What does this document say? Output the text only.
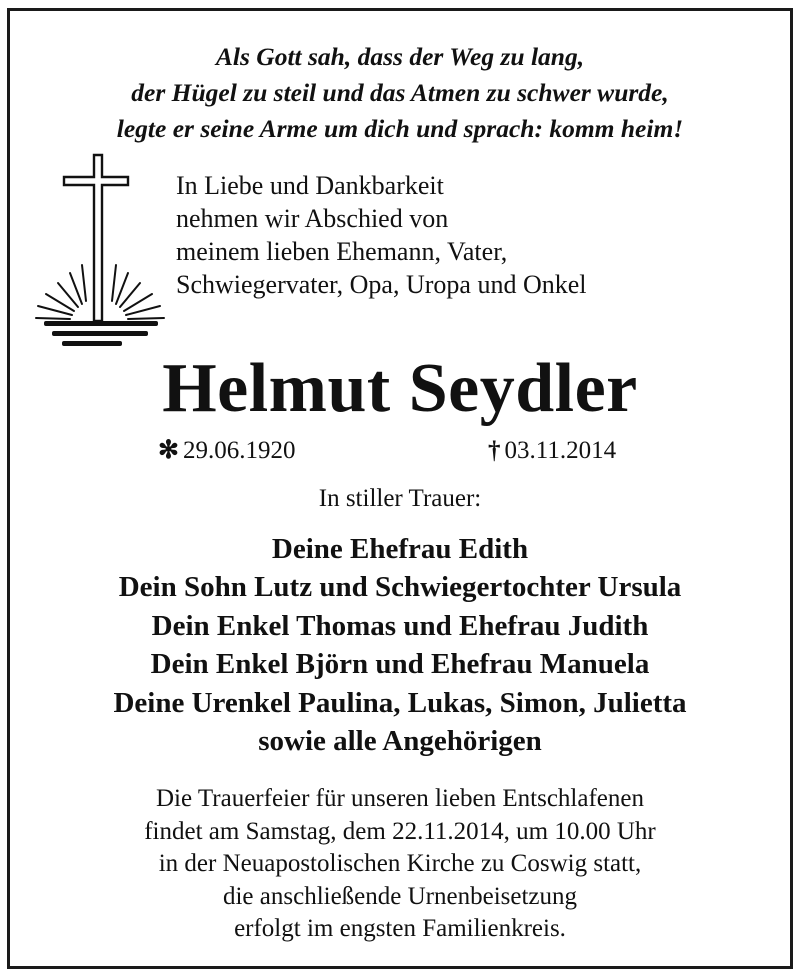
Als Gott sah, dass der Weg zu lang,
der Hügel zu steil und das Atmen zu schwer wurde,
legte er seine Arme um dich und sprach: komm heim!
In Liebe und Dankbarkeit
nehmen wir Abschied von
meinem lieben Ehemann, Vater,
Schwiegervater, Opa, Uropa und Onkel
Helmut Seydler
✻ 29.06.1920	† 03.11.2014
In stiller Trauer:
Deine Ehefrau Edith
Dein Sohn Lutz und Schwiegertochter Ursula
Dein Enkel Thomas und Ehefrau Judith
Dein Enkel Björn und Ehefrau Manuela
Deine Urenkel Paulina, Lukas, Simon, Julietta
sowie alle Angehörigen
Die Trauerfeier für unseren lieben Entschlafenen
findet am Samstag, dem 22.11.2014, um 10.00 Uhr
in der Neuapostolischen Kirche zu Coswig statt,
die anschließende Urnenbeisetzung
erfolgt im engsten Familienkreis.
